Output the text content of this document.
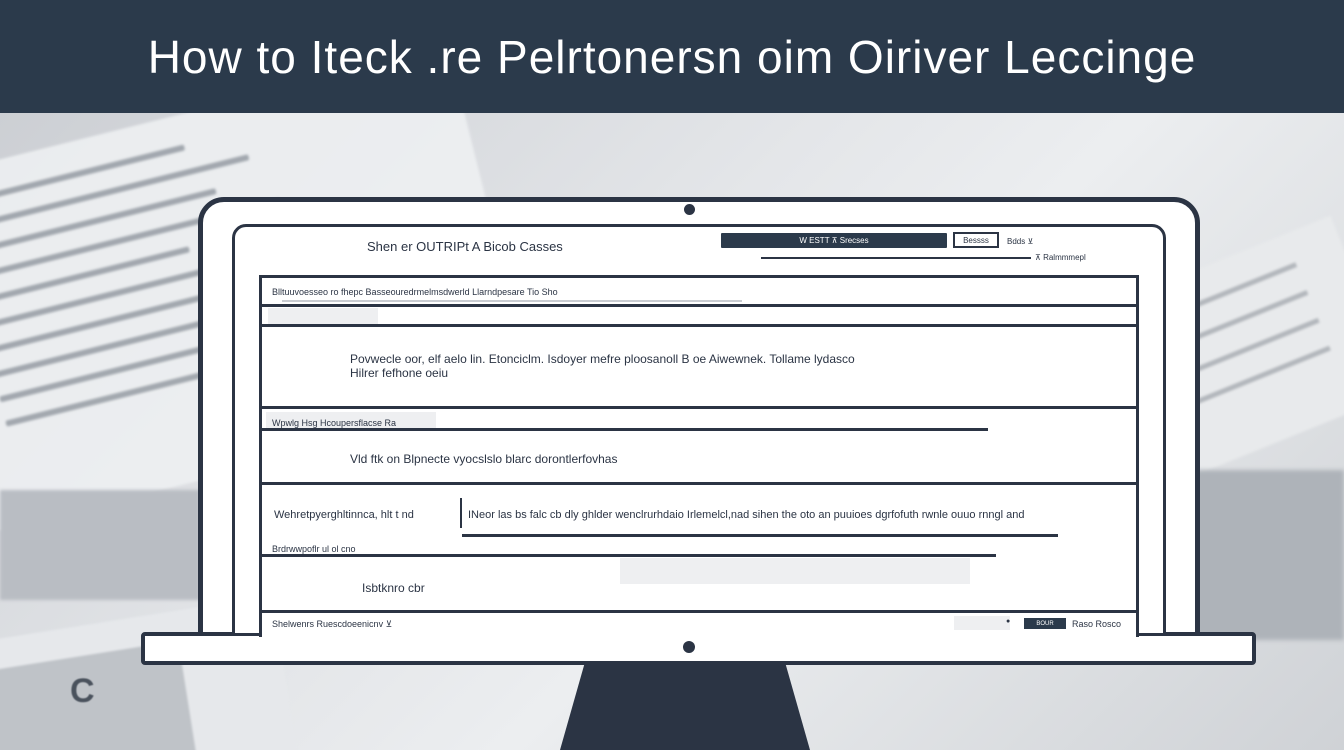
C
How to Itеck .re Pelrtonersn oim Oiriver Leccinge
Shen er OUTRIPt A Bicob Casses	W ESTT ⊼ Srecses	Bessss	Bdds ⊻
⊼ Ralmmmepl
Blltuuvoesseo ro fhepc Basseouredrmelmsdwerld Llarndpesare Tio Sho
Povwecle oor, elf aelo lin. Etonciclm. Isdoyer mefre ploosanoll B oe Aiwewnek. Tollame lydasco
Hilrer fefhone oeiu
Wpwlg Hsg Hcoupersflacse Ra
Vld ftk on Blpnecte vyocslslo blarc dorontlerfovhas
Wehretpyerghltinnca, hlt t nd	INeor las bs falc cb dly ghlder wenclrurhdaio Irlemelcl,nad sihen the oto an puuioes dgrfofuth rwnle ouuo rnngl and
Brdrwwpoflr ul ol cno
Isbtknro cbr
Shelwenrs Ruescdoeenicnv ⊻	●	BOUR	Raso Rosco
